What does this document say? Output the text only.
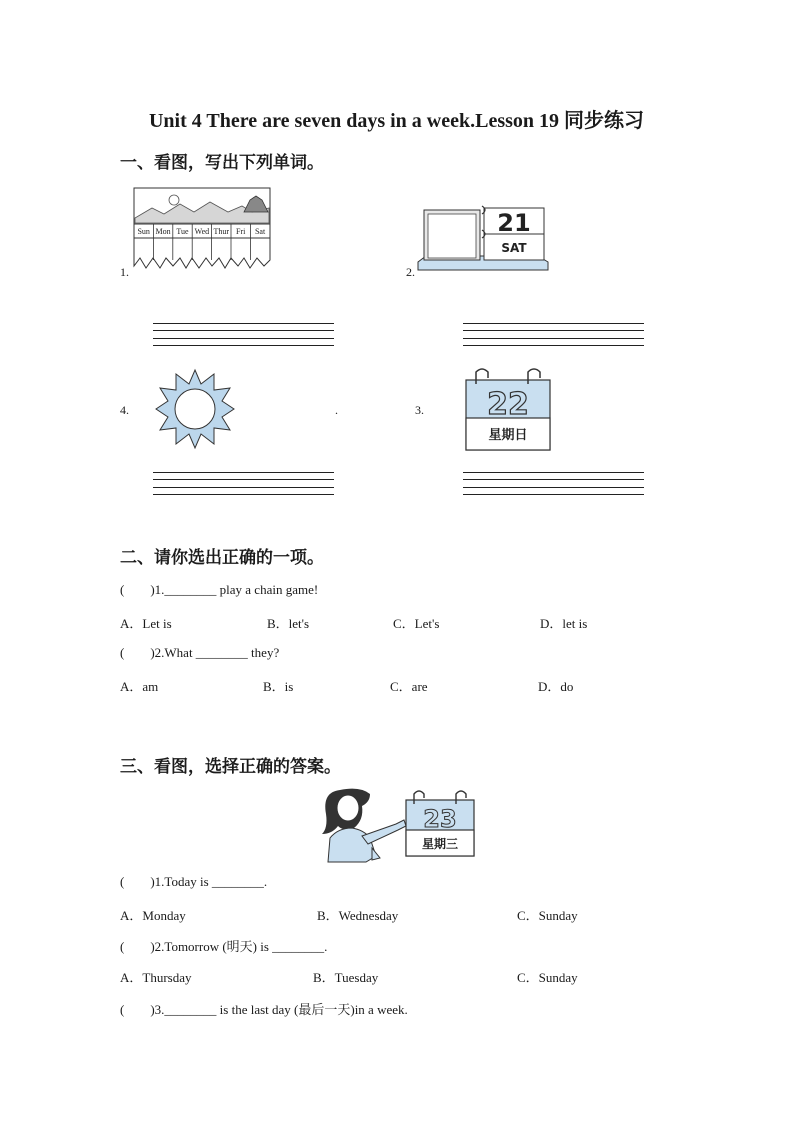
Unit 4 There are seven days in a week.Lesson 19 同步练习
一、看图，写出下列单词。
1.
Sun Mon Tue Wed Thur Fri Sat
2.
21
SAT
4.	.	3. 22
星期日
二、请你选出正确的一项。
(        )1.________ play a chain game!
A．Let is	B．let's	C．Let's	D．let is
(        )2.What ________ they?
A．am	B．is	C．are	D．do
三、看图，选择正确的答案。
23
星期三
(        )1.Today is ________.
A．Monday	B．Wednesday	C．Sunday
(        )2.Tomorrow (明天) is ________.
A．Thursday	B．Tuesday	C．Sunday
(        )3.________ is the last day (最后一天)in a week.
